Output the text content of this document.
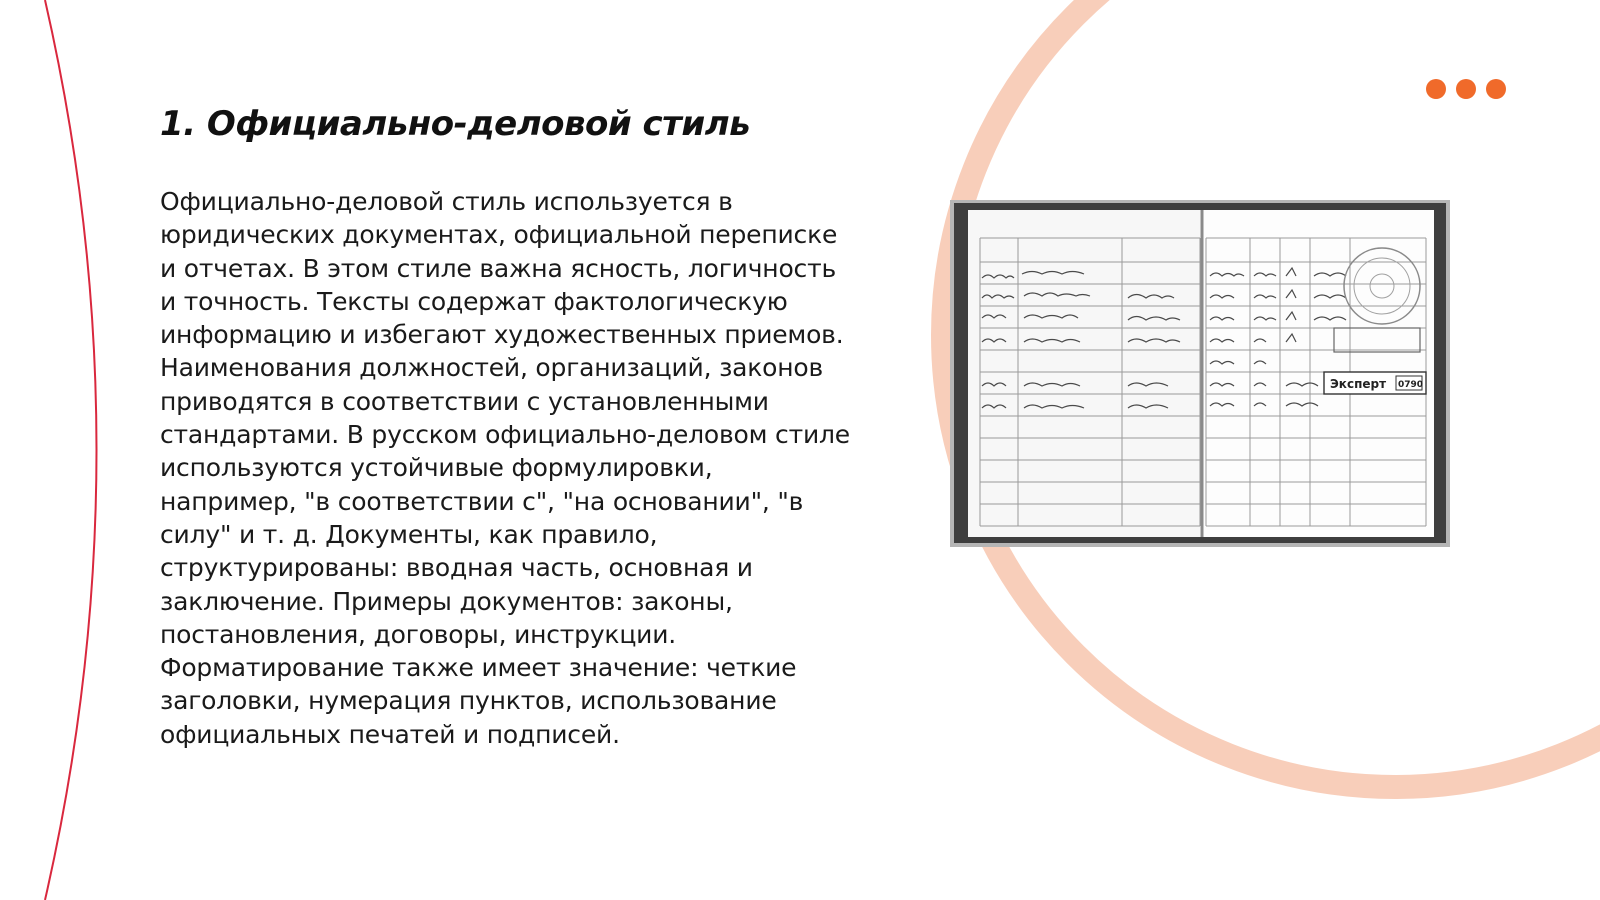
1. Официально-деловой стиль

Официально-деловой стиль используется в юридических документах, официальной переписке и отчетах. В этом стиле важна ясность, логичность и точность. Тексты содержат фактологическую информацию и избегают художественных приемов. Наименования должностей, организаций, законов приводятся в соответствии с установленными стандартами. В русском официально-деловом стиле используются устойчивые формулировки, например, "в соответствии с", "на основании", "в силу" и т. д. Документы, как правило, структурированы: вводная часть, основная и заключение. Примеры документов: законы, постановления, договоры, инструкции. Форматирование также имеет значение: четкие заголовки, нумерация пунктов, использование официальных печатей и подписей.

Эксперт 0790
